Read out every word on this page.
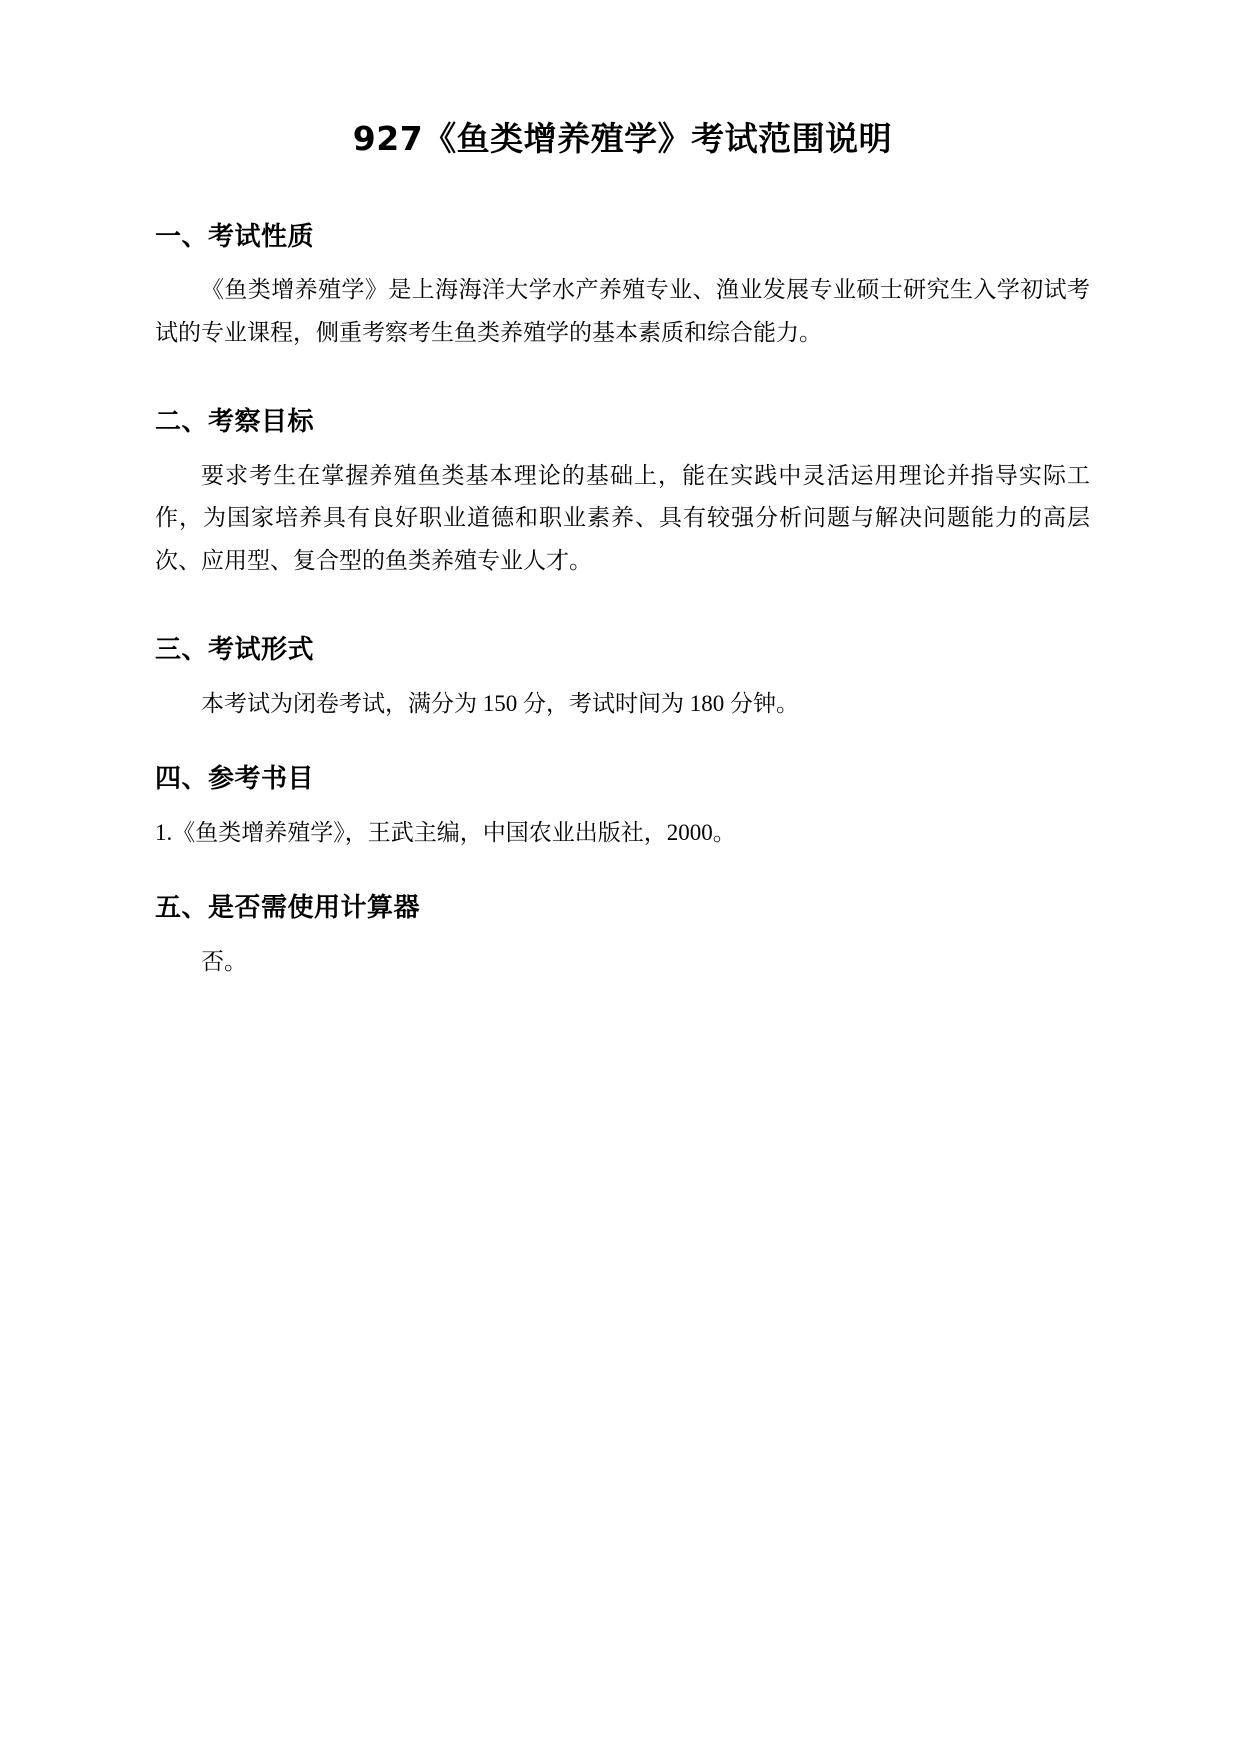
927《鱼类增养殖学》考试范围说明
一、考试性质

《鱼类增养殖学》是上海海洋大学水产养殖专业、渔业发展专业硕士研究生入学初试考试的专业课程，侧重考察考生鱼类养殖学的基本素质和综合能力。

二、考察目标

要求考生在掌握养殖鱼类基本理论的基础上，能在实践中灵活运用理论并指导实际工作，为国家培养具有良好职业道德和职业素养、具有较强分析问题与解决问题能力的高层次、应用型、复合型的鱼类养殖专业人才。

三、考试形式

本考试为闭卷考试，满分为 150 分，考试时间为 180 分钟。

四、参考书目

1.《鱼类增养殖学》，王武主编，中国农业出版社，2000。

五、是否需使用计算器

否。
